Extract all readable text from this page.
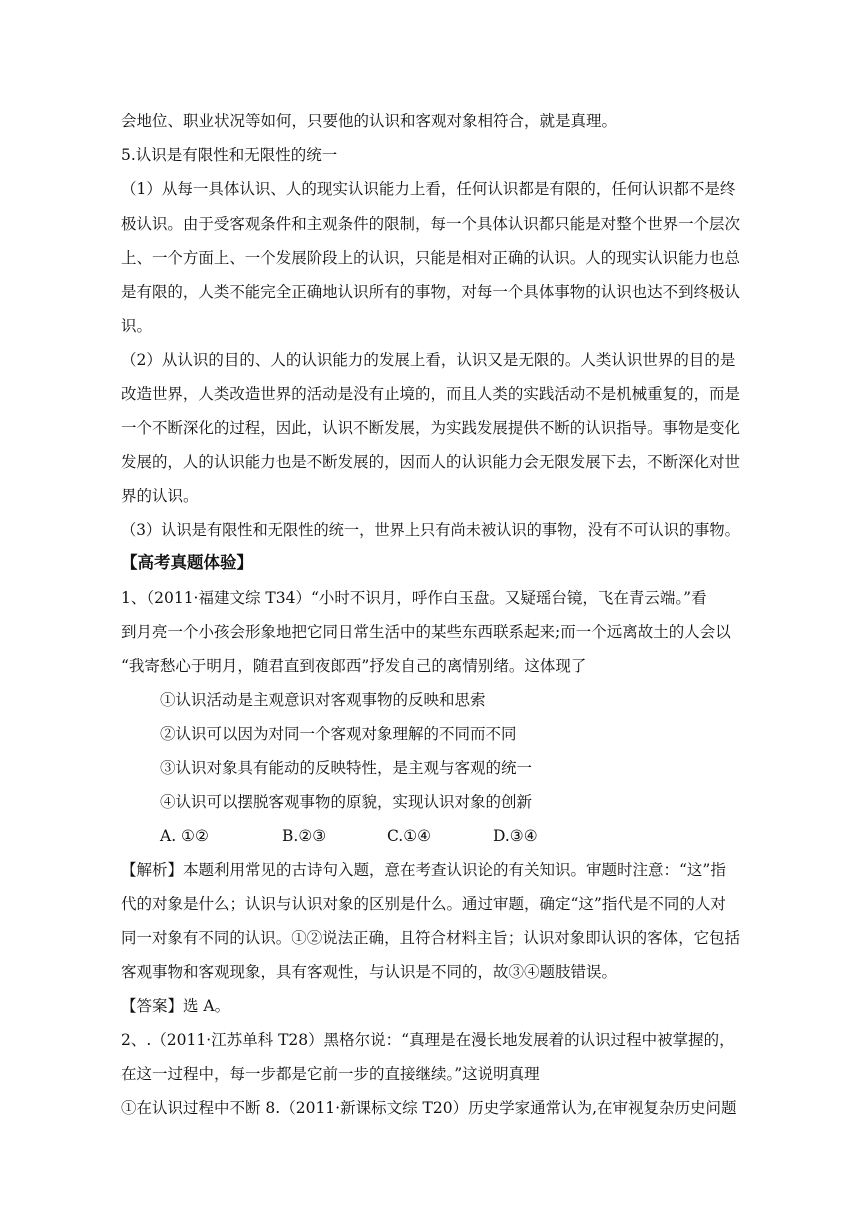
会地位、职业状况等如何，只要他的认识和客观对象相符合，就是真理。
5.认识是有限性和无限性的统一
（1）从每一具体认识、人的现实认识能力上看，任何认识都是有限的，任何认识都不是终
极认识。由于受客观条件和主观条件的限制，每一个具体认识都只能是对整个世界一个层次
上、一个方面上、一个发展阶段上的认识，只能是相对正确的认识。人的现实认识能力也总
是有限的，人类不能完全正确地认识所有的事物，对每一个具体事物的认识也达不到终极认
识。
（2）从认识的目的、人的认识能力的发展上看，认识又是无限的。人类认识世界的目的是
改造世界，人类改造世界的活动是没有止境的，而且人类的实践活动不是机械重复的，而是
一个不断深化的过程，因此，认识不断发展，为实践发展提供不断的认识指导。事物是变化
发展的，人的认识能力也是不断发展的，因而人的认识能力会无限发展下去，不断深化对世
界的认识。
（3）认识是有限性和无限性的统一，世界上只有尚未被认识的事物，没有不可认识的事物。
【高考真题体验】
1、（2011·福建文综 T34）“小时不识月，呼作白玉盘。又疑瑶台镜，飞在青云端。”看
到月亮一个小孩会形象地把它同日常生活中的某些东西联系起来;而一个远离故土的人会以
“我寄愁心于明月，随君直到夜郎西”抒发自己的离情别绪。这体现了
①认识活动是主观意识对客观事物的反映和思索
②认识可以因为对同一个客观对象理解的不同而不同
③认识对象具有能动的反映特性，是主观与客观的统一
④认识可以摆脱客观事物的原貌，实现认识对象的创新
A. ①②	B.②③	C.①④	D.③④
【解析】本题利用常见的古诗句入题，意在考查认识论的有关知识。审题时注意：“这”指
代的对象是什么；认识与认识对象的区别是什么。通过审题，确定“这”指代是不同的人对
同一对象有不同的认识。①②说法正确，且符合材料主旨；认识对象即认识的客体，它包括
客观事物和客观现象，具有客观性，与认识是不同的，故③④题肢错误。
【答案】选 A。
2、.（2011·江苏单科 T28）黑格尔说：“真理是在漫长地发展着的认识过程中被掌握的，
在这一过程中，每一步都是它前一步的直接继续。”这说明真理
①在认识过程中不断 8.（2011·新课标文综 T20）历史学家通常认为,在审视复杂历史问题
